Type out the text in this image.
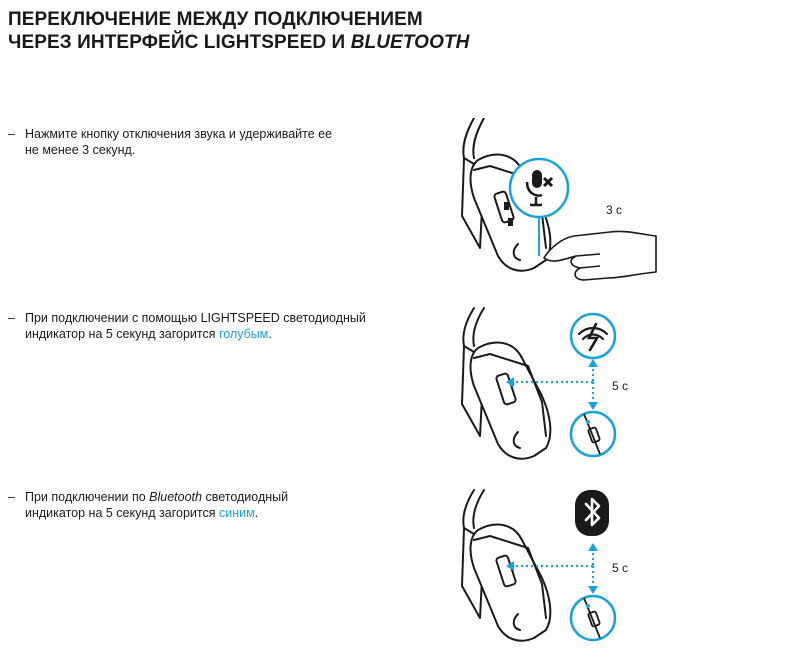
ПЕРЕКЛЮЧЕНИЕ МЕЖДУ ПОДКЛЮЧЕНИЕМ
ЧЕРЕЗ ИНТЕРФЕЙС LIGHTSPEED И BLUETOOTH
– Нажмите кнопку отключения звука и удерживайте ее
не менее 3 секунд.
– При подключении с помощью LIGHTSPEED светодиодный
индикатор на 5 секунд загорится голубым.
– При подключении по Bluetooth светодиодный
индикатор на 5 секунд загорится синим.
3 с
5 с
5 с
